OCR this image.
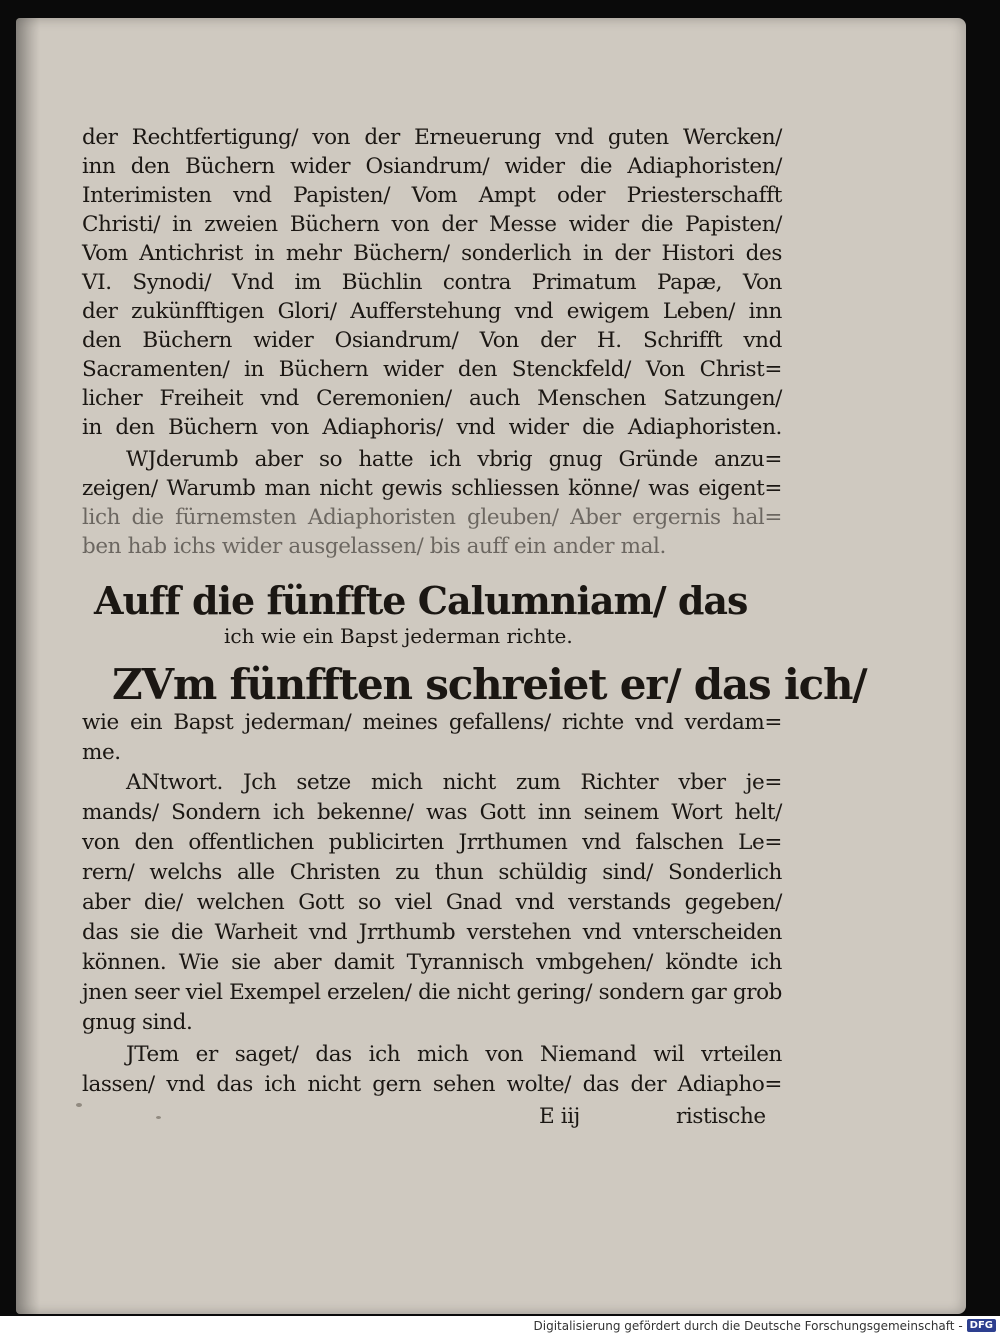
der Rechtfertigung/ von der Erneuerung vnd guten Wercken/
inn den Büchern wider Osiandrum/ wider die Adiaphoristen/
Interimisten vnd Papisten/ Vom Ampt oder Priesterschafft
Christi/ in zweien Büchern von der Messe wider die Papisten/
Vom Antichrist in mehr Büchern/ sonderlich in der Histori des
VI. Synodi/ Vnd im Büchlin contra Primatum Papæ, Von
der zukünfftigen Glori/ Aufferstehung vnd ewigem Leben/ inn
den Büchern wider Osiandrum/ Von der H. Schrifft vnd
Sacramenten/ in Büchern wider den Stenckfeld/ Von Christ=
licher Freiheit vnd Ceremonien/ auch Menschen Satzungen/
in den Büchern von Adiaphoris/ vnd wider die Adiaphoristen.
WJderumb aber so hatte ich vbrig gnug Gründe anzu=
zeigen/ Warumb man nicht gewis schliessen könne/ was eigent=
lich die fürnemsten Adiaphoristen gleuben/ Aber ergernis hal=
ben hab ichs wider ausgelassen/ bis auff ein ander mal.
Auff die fünffte Calumniam/ das
ich wie ein Bapst jederman richte.
ZVm fünfften schreiet er/ das ich/
wie ein Bapst jederman/ meines gefallens/ richte vnd verdam=
me.
ANtwort. Jch setze mich nicht zum Richter vber je=
mands/ Sondern ich bekenne/ was Gott inn seinem Wort helt/
von den offentlichen publicirten Jrrthumen vnd falschen Le=
rern/ welchs alle Christen zu thun schüldig sind/ Sonderlich
aber die/ welchen Gott so viel Gnad vnd verstands gegeben/
das sie die Warheit vnd Jrrthumb verstehen vnd vnterscheiden
können. Wie sie aber damit Tyrannisch vmbgehen/ köndte ich
jnen seer viel Exempel erzelen/ die nicht gering/ sondern gar grob
gnug sind.
JTem er saget/ das ich mich von Niemand wil vrteilen
lassen/ vnd das ich nicht gern sehen wolte/ das der Adiapho=
E iij	ristische
Digitalisierung gefördert durch die Deutsche Forschungsgemeinschaft - DFG
